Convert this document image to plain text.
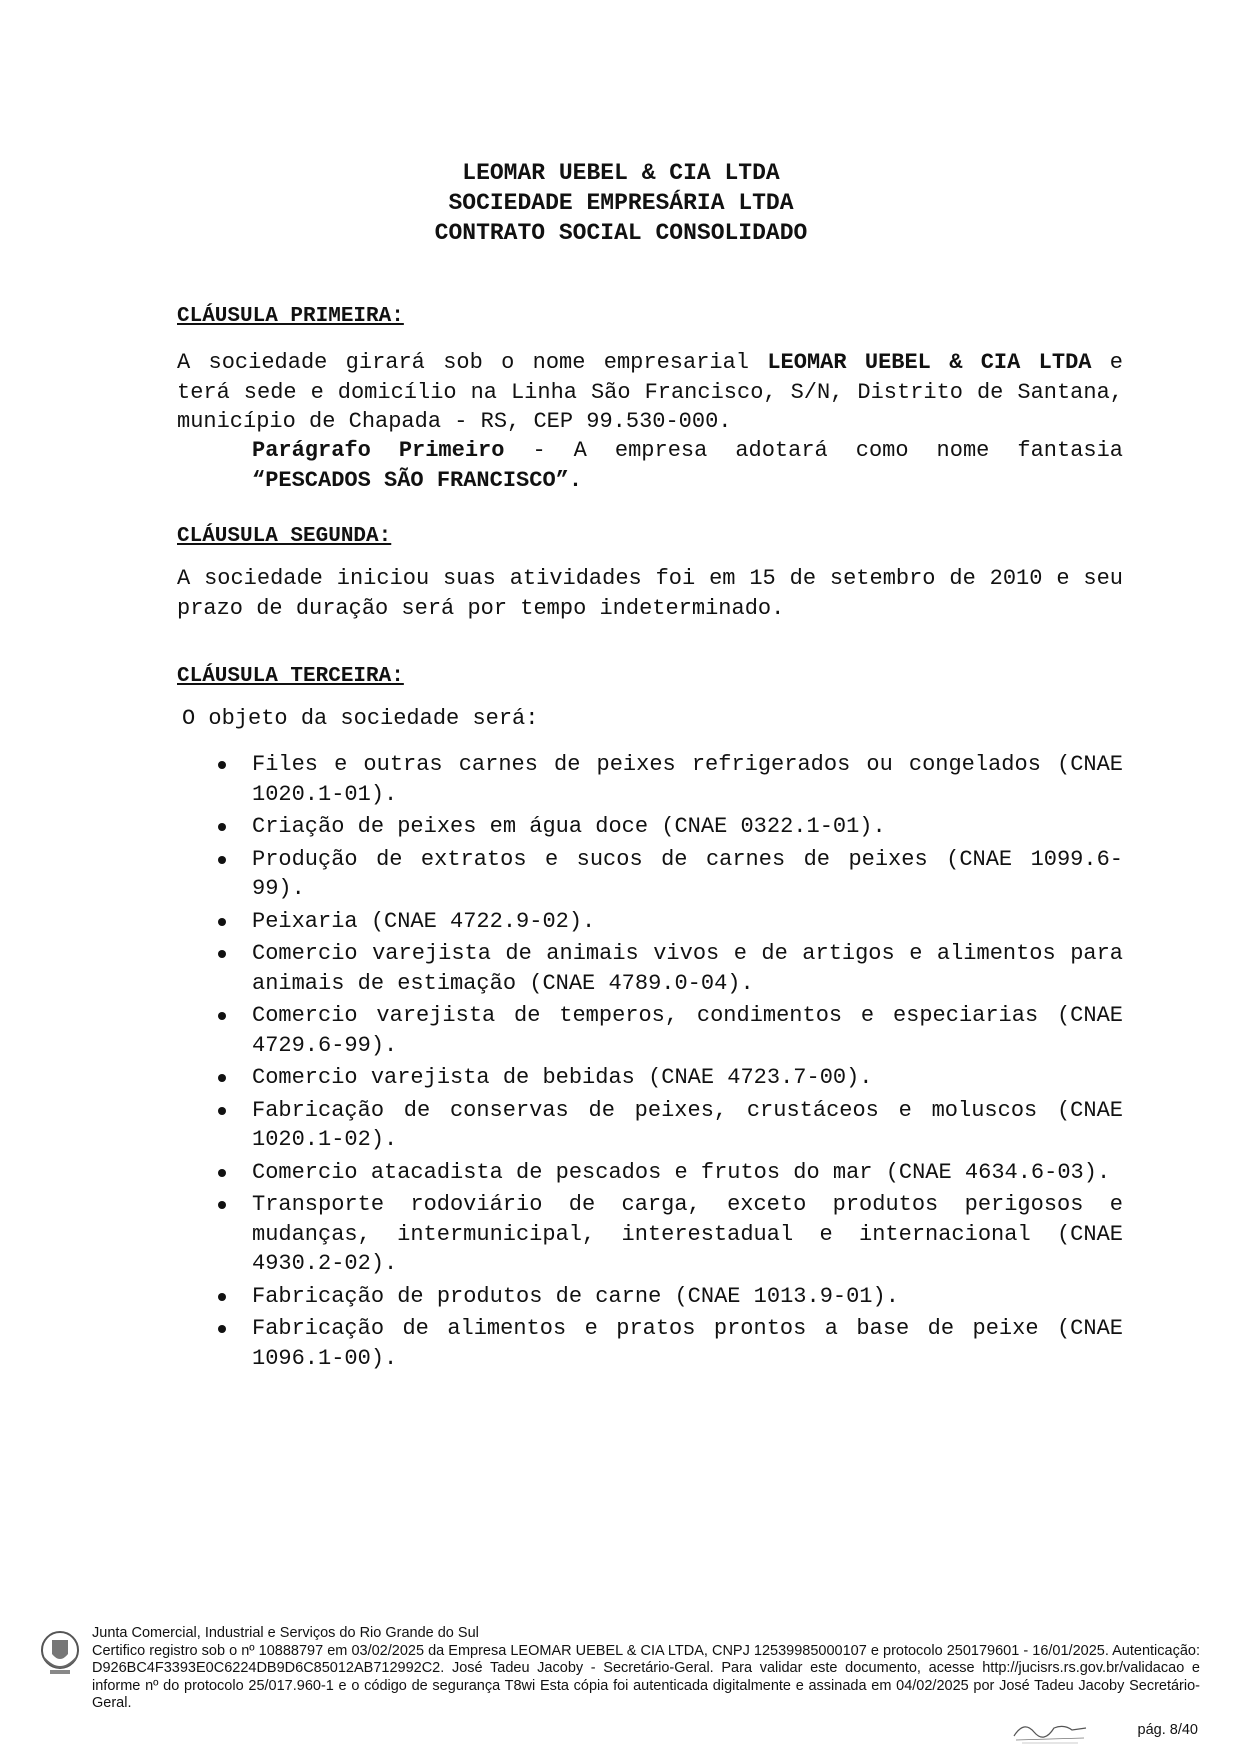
LEOMAR UEBEL & CIA LTDA
SOCIEDADE EMPRESÁRIA LTDA
CONTRATO SOCIAL CONSOLIDADO
CLÁUSULA PRIMEIRA:
A sociedade girará sob o nome empresarial LEOMAR UEBEL & CIA LTDA e terá sede e domicílio na Linha São Francisco, S/N, Distrito de Santana, município de Chapada - RS, CEP 99.530-000.
Parágrafo Primeiro - A empresa adotará como nome fantasia “PESCADOS SÃO FRANCISCO”.
CLÁUSULA SEGUNDA:
A sociedade iniciou suas atividades foi em 15 de setembro de 2010 e seu prazo de duração será por tempo indeterminado.
CLÁUSULA TERCEIRA:
O objeto da sociedade será:
Files e outras carnes de peixes refrigerados ou congelados (CNAE 1020.1-01).
Criação de peixes em água doce (CNAE 0322.1-01).
Produção de extratos e sucos de carnes de peixes (CNAE 1099.6-99).
Peixaria (CNAE 4722.9-02).
Comercio varejista de animais vivos e de artigos e alimentos para animais de estimação (CNAE 4789.0-04).
Comercio varejista de temperos, condimentos e especiarias (CNAE 4729.6-99).
Comercio varejista de bebidas (CNAE 4723.7-00).
Fabricação de conservas de peixes, crustáceos e moluscos (CNAE 1020.1-02).
Comercio atacadista de pescados e frutos do mar (CNAE 4634.6-03).
Transporte rodoviário de carga, exceto produtos perigosos e mudanças, intermunicipal, interestadual e internacional (CNAE 4930.2-02).
Fabricação de produtos de carne (CNAE 1013.9-01).
Fabricação de alimentos e pratos prontos a base de peixe (CNAE 1096.1-00).

Junta Comercial, Industrial e Serviços do Rio Grande do Sul

Certifico registro sob o nº 10888797 em 03/02/2025 da Empresa LEOMAR UEBEL & CIA LTDA, CNPJ 12539985000107 e protocolo 250179601 - 16/01/2025. Autenticação: D926BC4F3393E0C6224DB9D6C85012AB712992C2. José Tadeu Jacoby - Secretário-Geral. Para validar este documento, acesse http://jucisrs.rs.gov.br/validacao e informe nº do protocolo 25/017.960-1 e o código de segurança T8wi Esta cópia foi autenticada digitalmente e assinada em 04/02/2025 por José Tadeu Jacoby Secretário-Geral.

pág. 8/40
